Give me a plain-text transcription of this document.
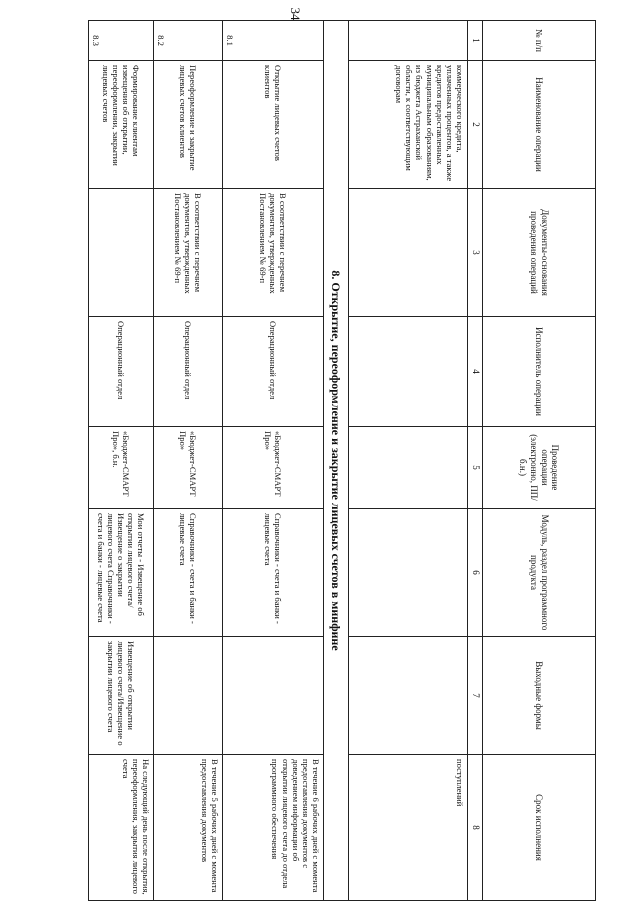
34
№ п/п	Наименование операции	Документы-основания проведения операций	Исполнитель операции	Проведение операции (электронно, ПП/б.н.)	Модуль, раздел программного продукта	Выходные формы	Срок исполнения
1	2	3	4	5	6	7	8
	коммерческого кредита, уплаченных процентов, а также кредитов предоставленных муниципальным образованиям, из бюджета Астраханской области, к соответствующим договорам						поступлений
8. Открытие, переоформление и закрытие лицевых счетов в минфине							
8.1	Открытие лицевых счетов клиентов	В соответствии с перечнем документов, утвержденных Постановлением № 69-п	Операционный отдел	«Бюджет-СМАРТ Про»	Справочники - счета и банки - лицевые счета		В течение 6 рабочих дней с момента предоставления документов с доведением информации об открытии лицевого счета до отдела программного обеспечения
8.2	Переоформление и закрытие лицевых счетов клиентов	В соответствии с перечнем документов, утвержденных Постановлением № 69-п	Операционный отдел	«Бюджет-СМАРТ Про»	Справочники - счета и банки - лицевые счета		В течение 5 рабочих дней с момента предоставления документов
8.3	Формирование клиентам извещения об открытии, переоформлении, закрытии лицевых счетов		Операционный отдел	«Бюджет-СМАРТ Про», б.н.	Мои отчеты - Извещение об открытии лицевого счета/Извещение о закрытии лицевого счета Справочники - счета и банки - лицевые счета	Извещение об открытии лицевого счета/Извещение о закрытии лицевого счета	На следующий день после открытия, переоформления, закрытия лицевого счета
